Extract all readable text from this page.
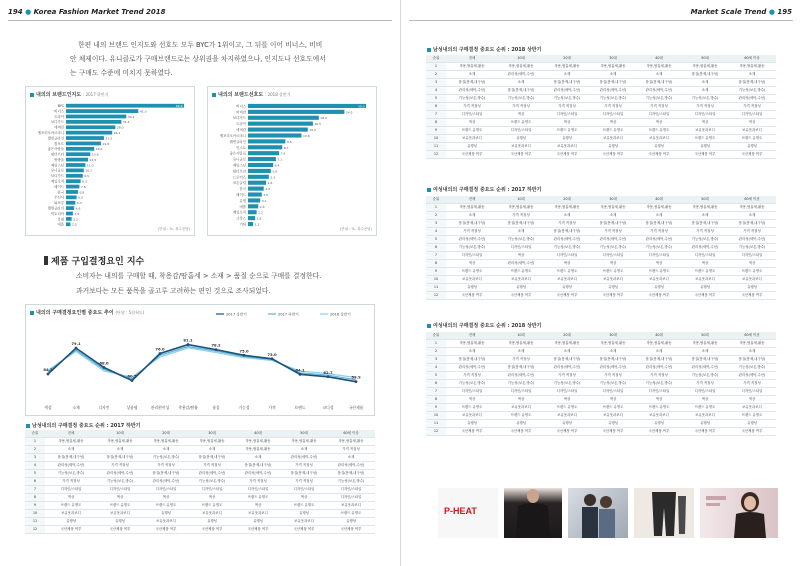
194 ● Korea Fashion Market Trend 2018
한편 내의 브랜드 인지도와 선호도 모두 BYC가 1위이고, 그 뒤를 이어 비너스, 비비
안 체제이다. 유니클로가 구매브랜드로는 상위권을 차지하였으나, 인지도나 선호도에서
는 구매도 수준에 미치지 못하였다.
내의의 브랜드인지도 : 2017 하반기
BYC	66.9
비너스	41.0
트라이	34.2
보디가드	31.4
에버린	28.0
엠포리오아르마니	26.2
캘빈클라인	21.5
컴포트	19.8
좋은사람들	16.0
원더브라	13.8
쌍방울	12.5
제임스딘	11.0
유니클로	10.1
보디가드	9.5
제일모직	8.3
메이드	7.6
한국	6.8
무신사	6.0
와코루	5.3
캘빈클라인	4.6
빅토리아	3.9
롯데	3.2
애플	2.5
(단위 : %, 복수응답)
내의의 브랜드선호도 : 2018 상반기
비너스	30.0
비비안	24.5
보디가드	18.0
트라이	16.5
에버린	15.2
엠포리오아르마니	13.6
캘빈클라인	9.5
인스토	8.7
좋은사람들	7.9
유니클로	7.1
제임스딘	6.4
원더브라	5.8
드로어즈	5.3
코튼클럽	4.6
한국	4.0
메이드	3.5
유명	3.1
애플	2.6
제일모직	2.2
크록스	1.8
기타	1.3
(단위 : %, 복수응답)
제품 구입결정요인 지수
소비자는 내의를 구매할 때, 착용감/땀흡세 > 소재 > 품질 순으로 구매를 결정한다.
과거보다는 모든 품목을 골고루 고려하는 편인 것으로 조사되었다.
내의의 구매결정요인별 중요도 추이 (단위 : 5점척도)	2017 상반기	2017 하반기	2018 상반기
64.3
79.1
68.0
60.5
76.0
81.1
78.2
75.0
73.0
64.1	62.7
59.9
색상	소재	디자인	상품평	관리편이성 착용감/땀흡	품질	기능성	가격	브랜드	코디성	국산제품
남성내의의 구매결정 중요도 순위 : 2017 하반기
순위	전체	10대	20대	30대	40대	50대	60세 이상
1	착용,땀흡세,활동	착용,땀흡세,활동	착용,땀흡세,활동	착용,땀흡세,활동	착용,땀흡세,활동	착용,땀흡세,활동	착용,땀흡세,활동
2	소재	소재	소재	소재	착용,땀흡세,활동	소재	가격 적절성
3	품질(봉제,내구성)	품질(봉제,내구성)	기능성(보온,방수)	품질(봉제,내구성)	소재	관리성(세탁,수선)	소재
4	관리성(세탁,수선)	가격 적절성	가격 적절성	가격 적절성	품질(봉제,내구성)	가격 적절성	관리성(세탁,수선)
5	기능성(보온,방수)	관리성(세탁,수선)	품질(봉제,내구성)	관리성(세탁,수선)	관리성(세탁,수선)	품질(봉제,내구성)	품질(봉제,내구성)
6	가격 적절성	기능성(보온,방수)	관리성(세탁,수선)	기능성(보온,방수)	가격 적절성	가격 적절성	기능성(보온,방수)
7	디자인/스타일	디자인/스타일	디자인/스타일	디자인/스타일	디자인/스타일	디자인/스타일	디자인/스타일
8	색상	색상	색상	색상	브랜드 유명도	색상	디자인/스타일
9	브랜드 유명도	브랜드 유명도	브랜드 유명도	브랜드 유명도	색상	브랜드 유명도	보유옷과코디
10	보유옷과코디	보유옷과코디	유행성	보유옷과코디	보유옷과코디	유행성	브랜드 유명도
11	유행성	유행성	보유옷과코디	유행성	유행성	보유옷과코디	유행성
12	국산제품 여부	국산제품 여부	국산제품 여부	국산제품 여부	국산제품 여부	국산제품 여부	국산제품 여부
Market Scale Trend ● 195
남성내의의 구매결정 중요도 순위 : 2018 상반기
순위	전체	10대	20대	30대	40대	50대	60세 이상
1	착용,땀흡세,활동	착용,땀흡세,활동	착용,땀흡세,활동	착용,땀흡세,활동	착용,땀흡세,활동	착용,땀흡세,활동	착용,땀흡세,활동
2	소재	관리성(세탁,수선)	소재	소재	소재	품질(봉제,내구성)	소재
3	품질(봉제,내구성)	소재	품질(봉제,내구성)	품질(봉제,내구성)	품질(봉제,내구성)	소재	품질(봉제,내구성)
4	관리성(세탁,수선)	품질(봉제,내구성)	관리성(세탁,수선)	관리성(세탁,수선)	관리성(세탁,수선)	소재	기능성(보온,방수)
5	기능성(보온,방수)	기능성(보온,방수)	기능성(보온,방수)	기능성(보온,방수)	기능성(보온,방수)	기능성(보온,방수)	관리성(세탁,수선)
6	가격 적절성	가격 적절성	가격 적절성	가격 적절성	가격 적절성	가격 적절성	가격 적절성
7	디자인/스타일	색상	디자인/스타일	디자인/스타일	디자인/스타일	디자인/스타일	디자인/스타일
8	색상	브랜드 유명도	색상	색상	색상	색상	색상
9	브랜드 유명도	디자인/스타일	브랜드 유명도	브랜드 유명도	브랜드 유명도	보유옷과코디	보유옷과코디
10	보유옷과코디	유행성	유행성	보유옷과코디	보유옷과코디	브랜드 유명도	브랜드 유명도
11	유행성	보유옷과코디	보유옷과코디	유행성	유행성	유행성	유행성
12	국산제품 여부	국산제품 여부	국산제품 여부	국산제품 여부	국산제품 여부	국산제품 여부	국산제품 여부
여성내의의 구매결정 중요도 순위 : 2017 하반기
순위	전체	10대	20대	30대	40대	50대	60세 이상
1	착용,땀흡세,활동	착용,땀흡세,활동	착용,땀흡세,활동	착용,땀흡세,활동	착용,땀흡세,활동	착용,땀흡세,활동	착용,땀흡세,활동
2	소재	가격 적절성	소재	소재	소재	소재	소재
3	품질(봉제,내구성)	품질(봉제,내구성)	가격 적절성	품질(봉제,내구성)	품질(봉제,내구성)	품질(봉제,내구성)	품질(봉제,내구성)
4	가격 적절성	소재	품질(봉제,내구성)	가격 적절성	가격 적절성	가격 적절성	가격 적절성
5	관리성(세탁,수선)	기능성(보온,방수)	관리성(세탁,수선)	관리성(세탁,수선)	관리성(세탁,수선)	기능성(보온,방수)	관리성(세탁,수선)
6	기능성(보온,방수)	디자인/스타일	기능성(보온,방수)	기능성(보온,방수)	기능성(보온,방수)	관리성(세탁,수선)	기능성(보온,방수)
7	디자인/스타일	색상	디자인/스타일	디자인/스타일	디자인/스타일	디자인/스타일	디자인/스타일
8	색상	관리성(세탁,수선)	색상	색상	색상	색상	색상
9	브랜드 유명도	브랜드 유명도	브랜드 유명도	브랜드 유명도	브랜드 유명도	브랜드 유명도	브랜드 유명도
10	보유옷과코디	보유옷과코디	보유옷과코디	보유옷과코디	보유옷과코디	보유옷과코디	보유옷과코디
11	유행성	유행성	유행성	유행성	유행성	유행성	유행성
12	국산제품 여부	국산제품 여부	국산제품 여부	국산제품 여부	국산제품 여부	국산제품 여부	국산제품 여부
여성내의의 구매결정 중요도 순위 : 2018 상반기
순위	전체	10대	20대	30대	40대	50대	60세 이상
1	착용,땀흡세,활동	착용,땀흡세,활동	착용,땀흡세,활동	착용,땀흡세,활동	착용,땀흡세,활동	착용,땀흡세,활동	착용,땀흡세,활동
2	소재	소재	소재	소재	소재	소재	소재
3	품질(봉제,내구성)	가격 적절성	품질(봉제,내구성)	품질(봉제,내구성)	품질(봉제,내구성)	품질(봉제,내구성)	품질(봉제,내구성)
4	관리성(세탁,수선)	품질(봉제,내구성)	관리성(세탁,수선)	관리성(세탁,수선)	관리성(세탁,수선)	관리성(세탁,수선)	기능성(보온,방수)
5	가격 적절성	관리성(세탁,수선)	가격 적절성	가격 적절성	가격 적절성	기능성(보온,방수)	관리성(세탁,수선)
6	기능성(보온,방수)	기능성(보온,방수)	기능성(보온,방수)	기능성(보온,방수)	기능성(보온,방수)	가격 적절성	가격 적절성
7	디자인/스타일	디자인/스타일	디자인/스타일	디자인/스타일	디자인/스타일	디자인/스타일	디자인/스타일
8	색상	색상	색상	색상	색상	색상	색상
9	브랜드 유명도	보유옷과코디	브랜드 유명도	브랜드 유명도	브랜드 유명도	브랜드 유명도	보유옷과코디
10	보유옷과코디	브랜드 유명도	보유옷과코디	보유옷과코디	보유옷과코디	보유옷과코디	브랜드 유명도
11	유행성	유행성	유행성	유행성	유행성	유행성	유행성
12	국산제품 여부	국산제품 여부	국산제품 여부	국산제품 여부	국산제품 여부	국산제품 여부	국산제품 여부
P-HEAT
